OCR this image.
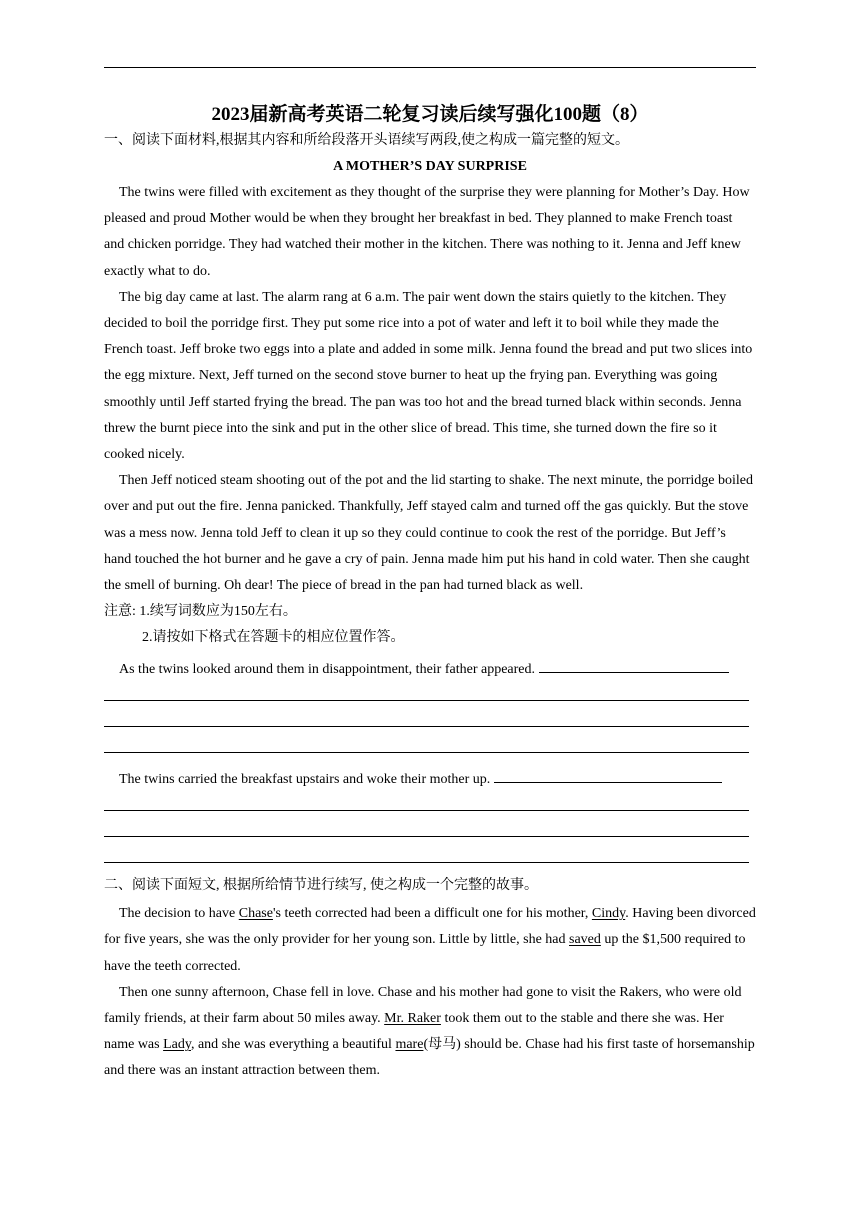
2023届新高考英语二轮复习读后续写强化100题（8）

一、阅读下面材料,根据其内容和所给段落开头语续写两段,使之构成一篇完整的短文。

A MOTHER’S DAY SURPRISE

The twins were filled with excitement as they thought of the surprise they were planning for Mother’s Day. How pleased and proud Mother would be when they brought her breakfast in bed. They planned to make French toast and chicken porridge. They had watched their mother in the kitchen. There was nothing to it. Jenna and Jeff knew exactly what to do.

The big day came at last. The alarm rang at 6 a.m. The pair went down the stairs quietly to the kitchen. They decided to boil the porridge first. They put some rice into a pot of water and left it to boil while they made the French toast. Jeff broke two eggs into a plate and added in some milk. Jenna found the bread and put two slices into the egg mixture. Next, Jeff turned on the second stove burner to heat up the frying pan. Everything was going smoothly until Jeff started frying the bread. The pan was too hot and the bread turned black within seconds. Jenna threw the burnt piece into the sink and put in the other slice of bread. This time, she turned down the fire so it cooked nicely.

Then Jeff noticed steam shooting out of the pot and the lid starting to shake. The next minute, the porridge boiled over and put out the fire. Jenna panicked. Thankfully, Jeff stayed calm and turned off the gas quickly. But the stove was a mess now. Jenna told Jeff to clean it up so they could continue to cook the rest of the porridge. But Jeff’s hand touched the hot burner and he gave a cry of pain. Jenna made him put his hand in cold water. Then she caught the smell of burning. Oh dear! The piece of bread in the pan had turned black as well.

注意: 1.续写词数应为150左右。

2.请按如下格式在答题卡的相应位置作答。

As the twins looked around them in disappointment, their father appeared.

The twins carried the breakfast upstairs and woke their mother up.

二、阅读下面短文, 根据所给情节进行续写, 使之构成一个完整的故事。

The decision to have Chase's teeth corrected had been a difficult one for his mother, Cindy. Having been divorced for five years, she was the only provider for her young son. Little by little, she had saved up the $1,500 required to have the teeth corrected.

Then one sunny afternoon, Chase fell in love. Chase and his mother had gone to visit the Rakers, who were old family friends, at their farm about 50 miles away. Mr. Raker took them out to the stable and there she was. Her name was Lady, and she was everything a beautiful mare(母马) should be. Chase had his first taste of horsemanship and there was an instant attraction between them.
